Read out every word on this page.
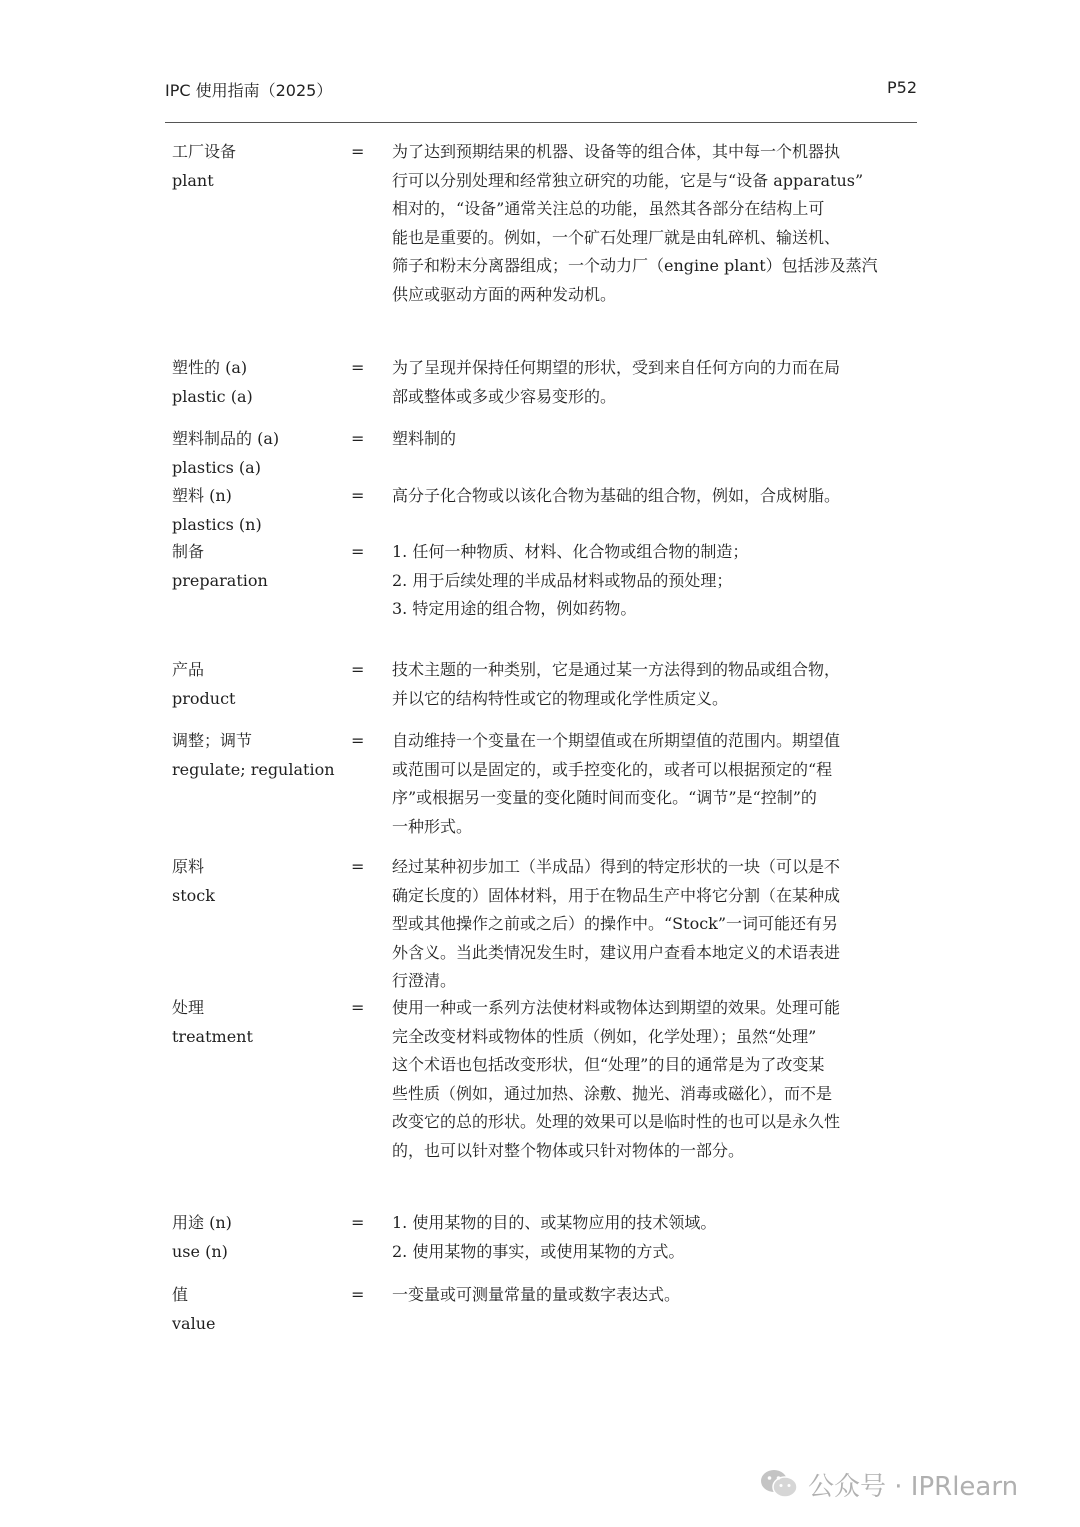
IPC 使用指南（2025）	P52
工厂设备
plant
= 为了达到预期结果的机器、设备等的组合体，其中每一个机器执
行可以分别处理和经常独立研究的功能，它是与“设备 apparatus”
相对的，“设备”通常关注总的功能，虽然其各部分在结构上可
能也是重要的。例如，一个矿石处理厂就是由轧碎机、输送机、
筛子和粉末分离器组成；一个动力厂（engine plant）包括涉及蒸汽
供应或驱动方面的两种发动机。
塑性的 (a)
plastic (a)
= 为了呈现并保持任何期望的形状，受到来自任何方向的力而在局
部或整体或多或少容易变形的。
塑料制品的 (a)
plastics (a)
= 塑料制的
塑料 (n)
plastics (n)
= 高分子化合物或以该化合物为基础的组合物，例如，合成树脂。
制备
preparation
= 1. 任何一种物质、材料、化合物或组合物的制造；
2. 用于后续处理的半成品材料或物品的预处理；
3. 特定用途的组合物，例如药物。
产品
product
= 技术主题的一种类别，它是通过某一方法得到的物品或组合物，
并以它的结构特性或它的物理或化学性质定义。
调整；调节
regulate; regulation
= 自动维持一个变量在一个期望值或在所期望值的范围内。期望值
或范围可以是固定的，或手控变化的，或者可以根据预定的“程
序”或根据另一变量的变化随时间而变化。“调节”是“控制”的
一种形式。
原料
stock
= 经过某种初步加工（半成品）得到的特定形状的一块（可以是不
确定长度的）固体材料，用于在物品生产中将它分割（在某种成
型或其他操作之前或之后）的操作中。“Stock”一词可能还有另
外含义。当此类情况发生时，建议用户查看本地定义的术语表进
行澄清。
处理
treatment
= 使用一种或一系列方法使材料或物体达到期望的效果。处理可能
完全改变材料或物体的性质（例如，化学处理）；虽然“处理”
这个术语也包括改变形状，但“处理”的目的通常是为了改变某
些性质（例如，通过加热、涂敷、抛光、消毒或磁化），而不是
改变它的总的形状。处理的效果可以是临时性的也可以是永久性
的，也可以针对整个物体或只针对物体的一部分。
用途 (n)
use (n)
= 1. 使用某物的目的、或某物应用的技术领域。
2. 使用某物的事实，或使用某物的方式。
值
value
= 一变量或可测量常量的量或数字表达式。
公众号 · IPRlearn
